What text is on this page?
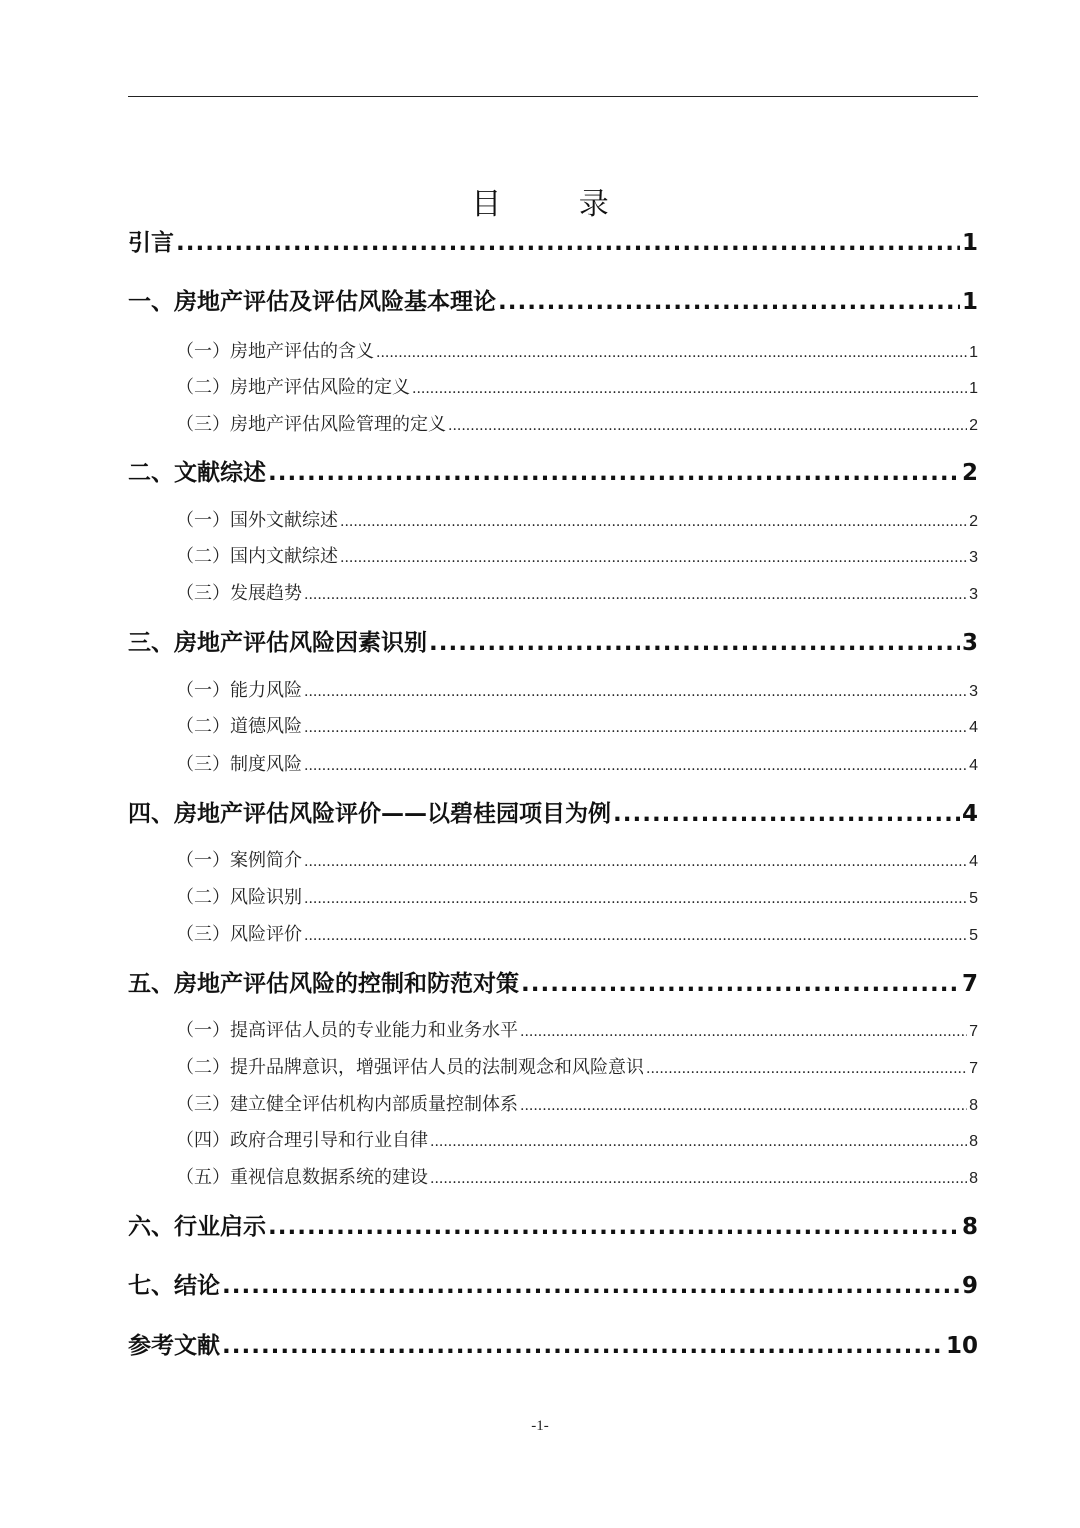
目 录
引言 .....	1
一、房地产评估及评估风险基本理论 .....	1
（一）房地产评估的含义 .....	1
（二）房地产评估风险的定义 .....	1
（三）房地产评估风险管理的定义 .....	2
二、文献综述 .....	2
（一）国外文献综述 .....	2
（二）国内文献综述 .....	3
（三）发展趋势 .....	3
三、房地产评估风险因素识别 .....	3
（一）能力风险 .....	3
（二）道德风险 .....	4
（三）制度风险 .....	4
四、房地产评估风险评价——以碧桂园项目为例 .....	4
（一）案例简介 .....	4
（二）风险识别 .....	5
（三）风险评价 .....	5
五、房地产评估风险的控制和防范对策 .....	7
（一）提高评估人员的专业能力和业务水平 .....	7
（二）提升品牌意识，增强评估人员的法制观念和风险意识 .....	7
（三）建立健全评估机构内部质量控制体系 .....	8
（四）政府合理引导和行业自律 .....	8
（五）重视信息数据系统的建设 .....	8
六、行业启示 .....	8
七、结论 .....	9
参考文献 .....	10
-1-
